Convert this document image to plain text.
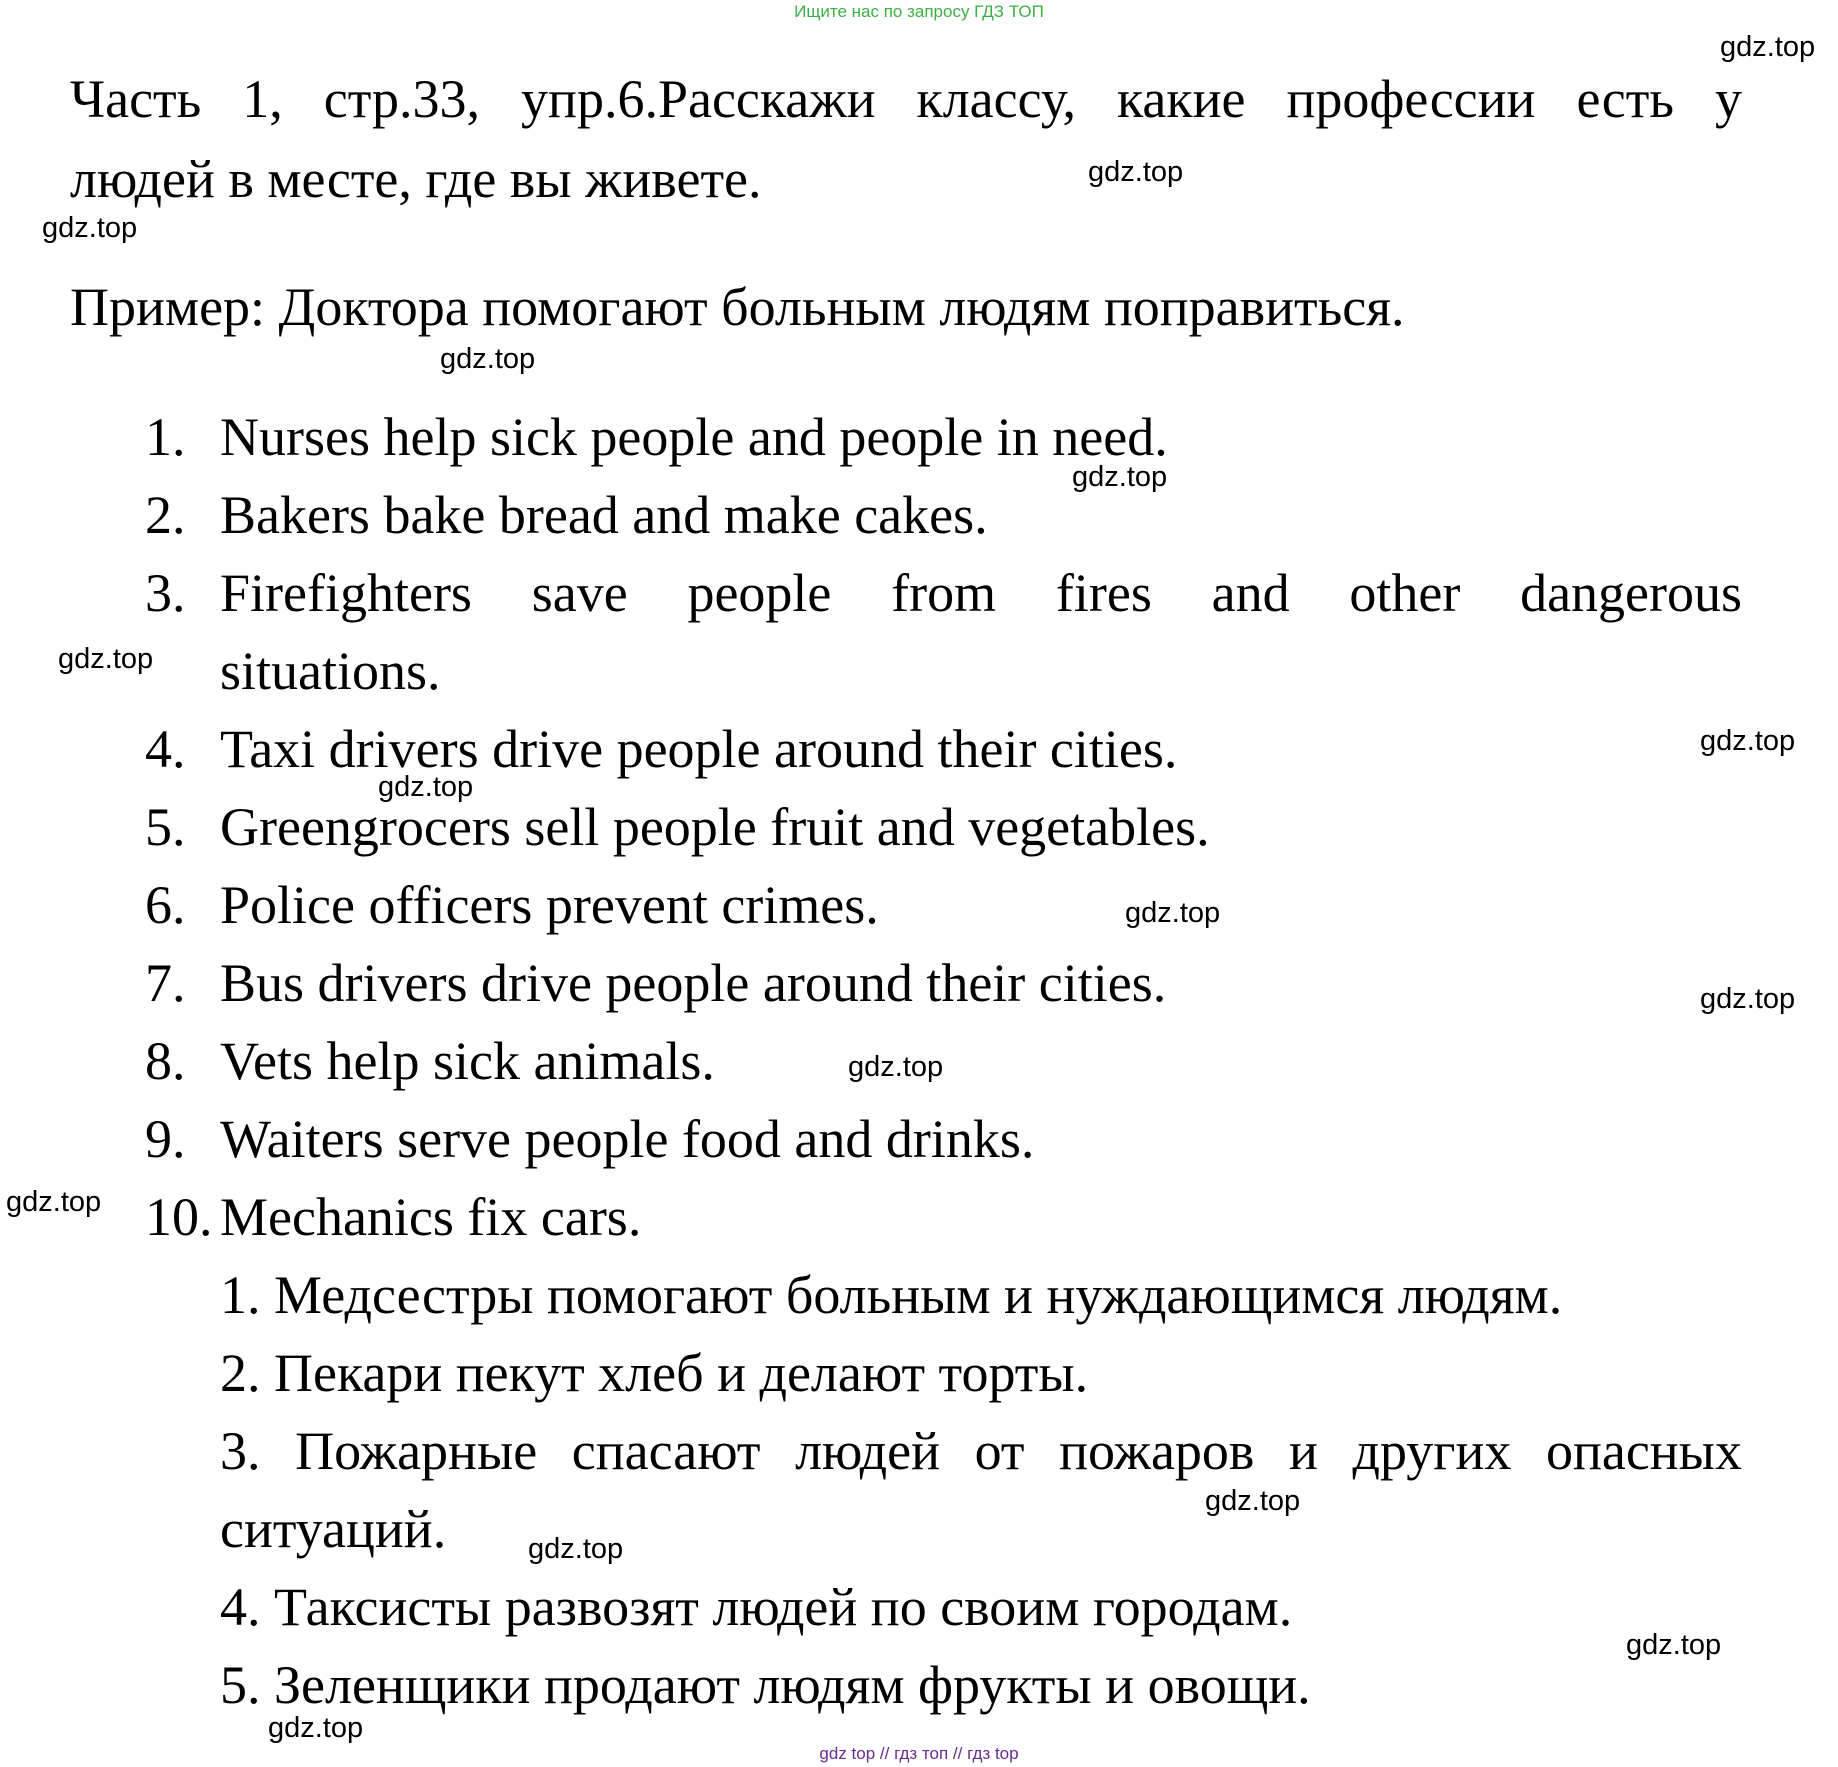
Ищите нас по запросу ГДЗ ТОП
Часть 1, стр.33, упр.6.Расскажи классу, какие профессии есть у
людей в месте, где вы живете.
Пример: Доктора помогают больным людям поправиться.
1. Nurses help sick people and people in need.
2. Bakers bake bread and make cakes.
3. Firefighters save people from fires and other dangerous
situations.
4. Taxi drivers drive people around their cities.
5. Greengrocers sell people fruit and vegetables.
6. Police officers prevent crimes.
7. Bus drivers drive people around their cities.
8. Vets help sick animals.
9. Waiters serve people food and drinks.
10. Mechanics fix cars.
1. Медсестры помогают больным и нуждающимся людям.
2. Пекари пекут хлеб и делают торты.
3. Пожарные спасают людей от пожаров и других опасных
ситуаций.
4. Таксисты развозят людей по своим городам.
5. Зеленщики продают людям фрукты и овощи.
gdz.top
gdz.top
gdz.top
gdz.top
gdz.top
gdz.top
gdz.top
gdz.top
gdz.top
gdz.top
gdz.top
gdz.top
gdz.top
gdz.top
gdz.top
gdz.top
gdz top // гдз топ // гдз top
